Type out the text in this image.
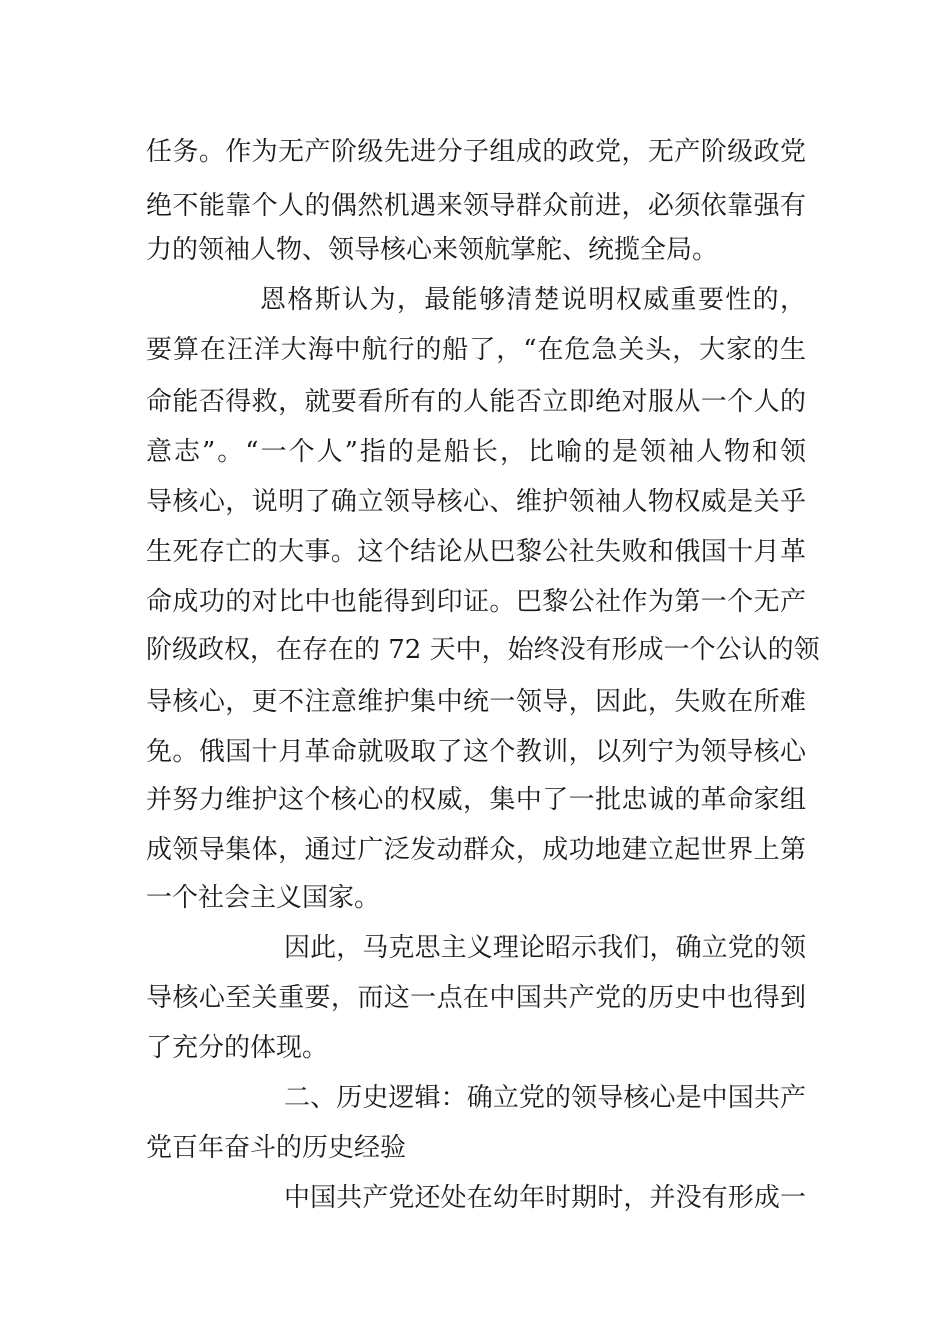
任务。作为无产阶级先进分子组成的政党，无产阶级政党
绝不能靠个人的偶然机遇来领导群众前进，必须依靠强有
力的领袖人物、领导核心来领航掌舵、统揽全局。
恩格斯认为，最能够清楚说明权威重要性的，
要算在汪洋大海中航行的船了，“在危急关头，大家的生
命能否得救，就要看所有的人能否立即绝对服从一个人的
意志”。“一个人”指的是船长，比喻的是领袖人物和领
导核心，说明了确立领导核心、维护领袖人物权威是关乎
生死存亡的大事。这个结论从巴黎公社失败和俄国十月革
命成功的对比中也能得到印证。巴黎公社作为第一个无产
阶级政权，在存在的 72 天中，始终没有形成一个公认的领
导核心，更不注意维护集中统一领导，因此，失败在所难
免。俄国十月革命就吸取了这个教训，以列宁为领导核心
并努力维护这个核心的权威，集中了一批忠诚的革命家组
成领导集体，通过广泛发动群众，成功地建立起世界上第
一个社会主义国家。
因此，马克思主义理论昭示我们，确立党的领
导核心至关重要，而这一点在中国共产党的历史中也得到
了充分的体现。
二、历史逻辑：确立党的领导核心是中国共产
党百年奋斗的历史经验
中国共产党还处在幼年时期时，并没有形成一
